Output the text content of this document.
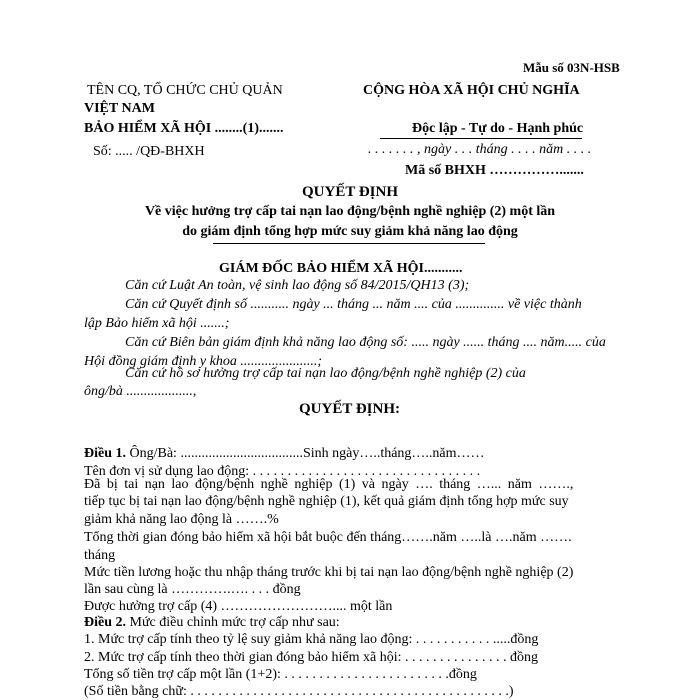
Mẫu số 03N-HSB
TÊN CQ, TỔ CHỨC CHỦ QUẢN
VIỆT NAM
BẢO HIỂM XÃ HỘI ........(1).......
Số: ..... /QĐ-BHXH
CỘNG HÒA XÃ HỘI CHỦ NGHĨA
Độc lập - Tự do - Hạnh phúc
. . . . . . . , ngày . . . tháng . . . . năm . . . .
Mã số BHXH …………….......
QUYẾT ĐỊNH
Về việc hưởng trợ cấp tai nạn lao động/bệnh nghề nghiệp (2) một lần
do giám định tổng hợp mức suy giảm khả năng lao động
GIÁM ĐỐC BẢO HIỂM XÃ HỘI...........
Căn cứ Luật An toàn, vệ sinh lao động số 84/2015/QH13 (3);
Căn cứ Quyết định số ........... ngày ... tháng ... năm .... của .............. về việc thành
lập Bảo hiểm xã hội .......;
Căn cứ Biên bản giám định khả năng lao động số: ..... ngày ...... tháng .... năm..... của
Hội đồng giám định y khoa ......................;
Căn cứ hồ sơ hưởng trợ cấp tai nạn lao động/bệnh nghề nghiệp (2) của
ông/bà ...................,
QUYẾT ĐỊNH:
Điều 1. Ông/Bà: ...................................Sinh ngày…..tháng…..năm……
Tên đơn vị sử dụng lao động: . . . . . . . . . . . . . . . . . . . . . . . . . . . . . . . . .
Đã bị tai nạn lao động/bệnh nghề nghiệp (1) và ngày …. tháng …... năm …….,
tiếp tục bị tai nạn lao động/bệnh nghề nghiệp (1), kết quả giám định tổng hợp mức suy
giảm khả năng lao động là …….%
Tổng thời gian đóng bảo hiểm xã hội bắt buộc đến tháng…….năm …..là ….năm …….
tháng
Mức tiền lương hoặc thu nhập tháng trước khi bị tai nạn lao động/bệnh nghề nghiệp (2)
lần sau cùng là ………….…. . . . đồng
Được hưởng trợ cấp (4) …………………….... một lần
Điều 2. Mức điều chỉnh mức trợ cấp như sau:
1. Mức trợ cấp tính theo tỷ lệ suy giảm khả năng lao động: . . . . . . . . . . . .....đồng
2. Mức trợ cấp tính theo thời gian đóng bảo hiểm xã hội: . . . . . . . . . . . . . . . đồng
Tổng số tiền trợ cấp một lần (1+2): . . . . . . . . . . . . . . . . . . . . . . . .đồng
(Số tiền bằng chữ: . . . . . . . . . . . . . . . . . . . . . . . . . . . . . . . . . . . . . . . . . . . . . .)
